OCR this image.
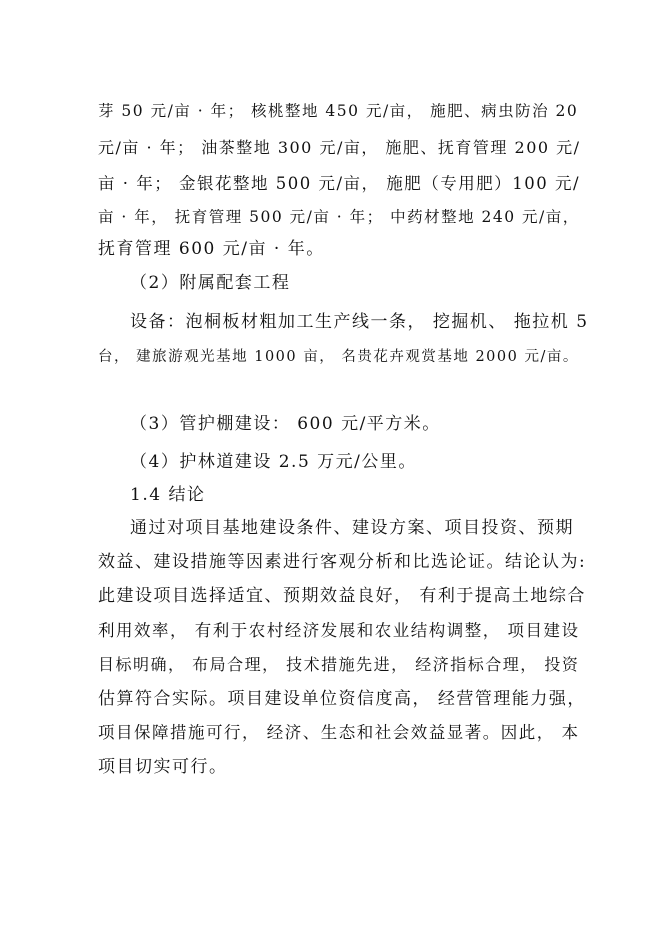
芽 50 元/亩 · 年； 核桃整地 450 元/亩， 施肥、病虫防治 20
元/亩 · 年； 油茶整地 300 元/亩， 施肥、抚育管理 200 元/
亩 · 年； 金银花整地 500 元/亩， 施肥（专用肥）100 元/
亩 · 年， 抚育管理 500 元/亩 · 年； 中药材整地 240 元/亩，
抚育管理 600 元/亩 · 年。
（2）附属配套工程
设备：泡桐板材粗加工生产线一条， 挖掘机、 拖拉机 5
台， 建旅游观光基地 1000 亩， 名贵花卉观赏基地 2000 元/亩。
（3）管护棚建设： 600 元/平方米。
（4）护林道建设 2.5 万元/公里。
1.4 结论
通过对项目基地建设条件、建设方案、项目投资、预期
效益、建设措施等因素进行客观分析和比选论证。结论认为:
此建设项目选择适宜、预期效益良好， 有利于提高土地综合
利用效率， 有利于农村经济发展和农业结构调整， 项目建设
目标明确， 布局合理， 技术措施先进， 经济指标合理， 投资
估算符合实际。项目建设单位资信度高， 经营管理能力强，
项目保障措施可行， 经济、生态和社会效益显著。因此， 本
项目切实可行。
